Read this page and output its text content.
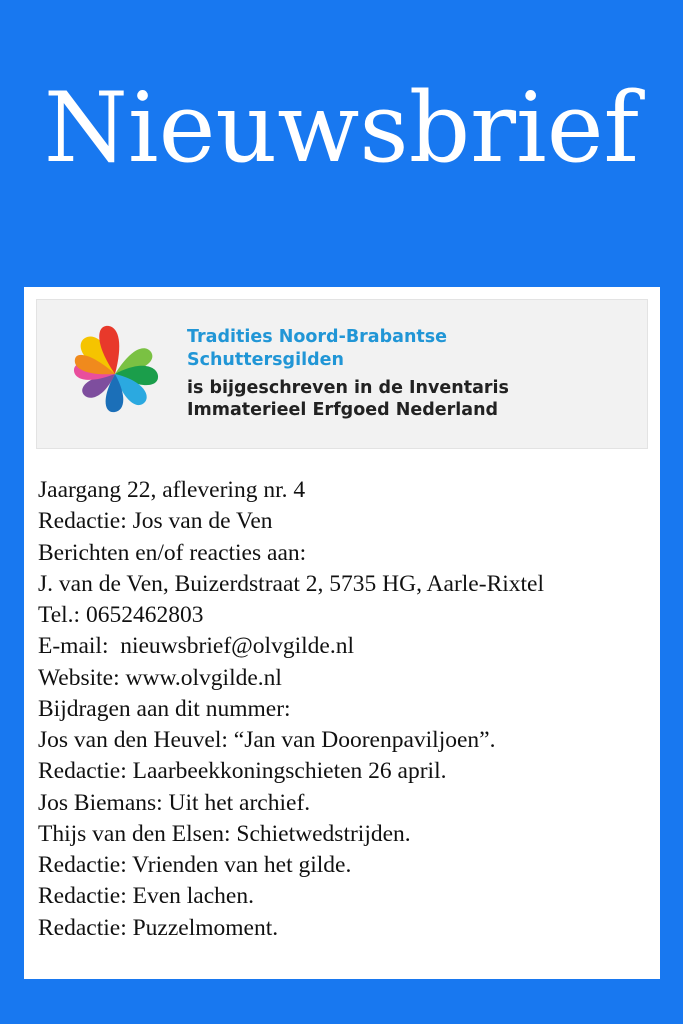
Nieuwsbrief
Tradities Noord-Brabantse
Schuttersgilden
is bijgeschreven in de Inventaris
Immaterieel Erfgoed Nederland
Jaargang 22, aflevering nr. 4
Redactie: Jos van de Ven
Berichten en/of reacties aan:
J. van de Ven, Buizerdstraat 2, 5735 HG, Aarle-Rixtel
Tel.: 0652462803
E-mail:  nieuwsbrief@olvgilde.nl
Website: www.olvgilde.nl
Bijdragen aan dit nummer:
Jos van den Heuvel: “Jan van Doorenpaviljoen”.
Redactie: Laarbeekkoningschieten 26 april.
Jos Biemans: Uit het archief.
Thijs van den Elsen: Schietwedstrijden.
Redactie: Vrienden van het gilde.
Redactie: Even lachen.
Redactie: Puzzelmoment.
